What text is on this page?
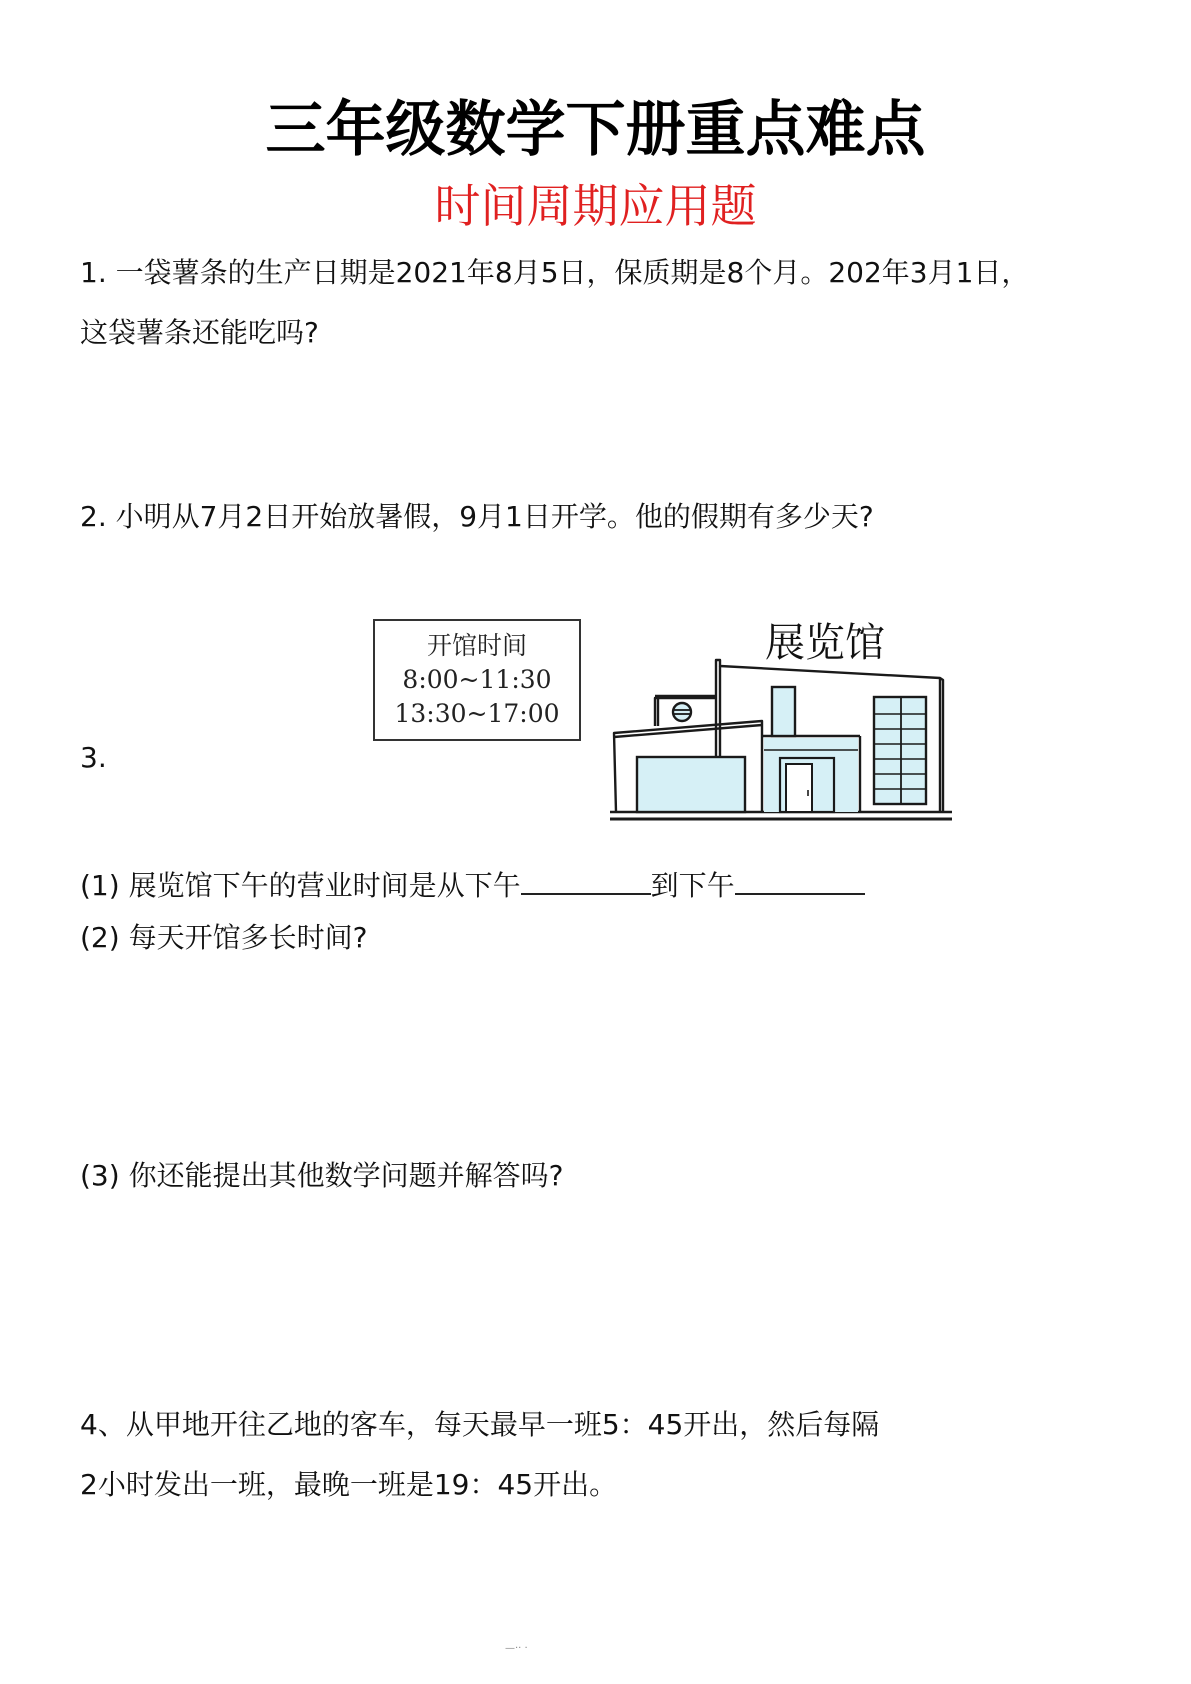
三年级数学下册重点难点
时间周期应用题
1. 一袋薯条的生产日期是2021年8月5日，保质期是8个月。202年3月1日，
这袋薯条还能吃吗?
2. 小明从7月2日开始放暑假，9月1日开学。他的假期有多少天?
3.
开馆时间
8:00~11:30
13:30~17:00
展览馆
(1) 展览馆下午的营业时间是从下午	到下午
(2) 每天开馆多长时间?
(3) 你还能提出其他数学问题并解答吗?
4、从甲地开往乙地的客车，每天最早一班5：45开出，然后每隔
2小时发出一班，最晚一班是19：45开出。
—·· ·
